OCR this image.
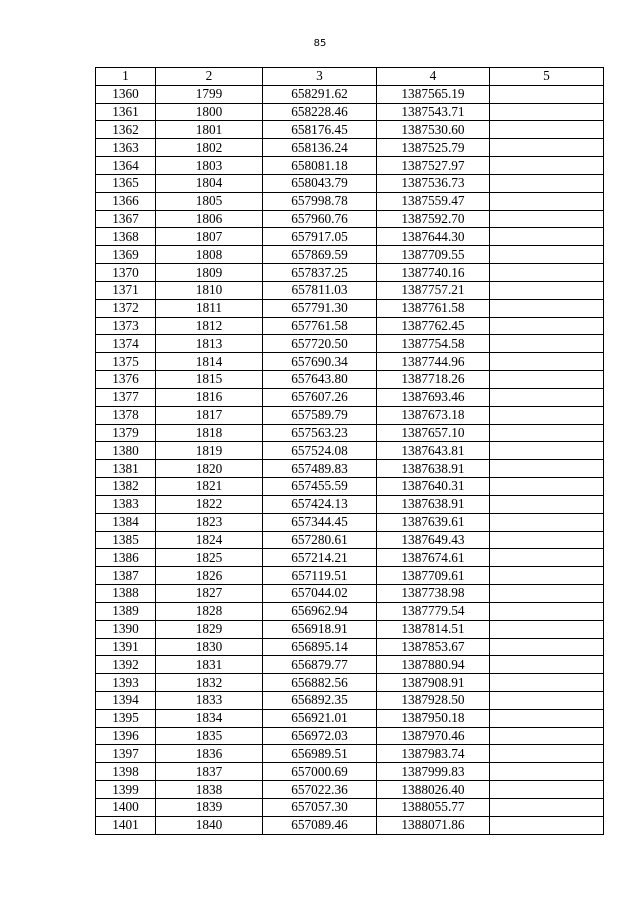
85
1	2	3	4	5
1360	1799	658291.62	1387565.19	
1361	1800	658228.46	1387543.71	
1362	1801	658176.45	1387530.60	
1363	1802	658136.24	1387525.79	
1364	1803	658081.18	1387527.97	
1365	1804	658043.79	1387536.73	
1366	1805	657998.78	1387559.47	
1367	1806	657960.76	1387592.70	
1368	1807	657917.05	1387644.30	
1369	1808	657869.59	1387709.55	
1370	1809	657837.25	1387740.16	
1371	1810	657811.03	1387757.21	
1372	1811	657791.30	1387761.58	
1373	1812	657761.58	1387762.45	
1374	1813	657720.50	1387754.58	
1375	1814	657690.34	1387744.96	
1376	1815	657643.80	1387718.26	
1377	1816	657607.26	1387693.46	
1378	1817	657589.79	1387673.18	
1379	1818	657563.23	1387657.10	
1380	1819	657524.08	1387643.81	
1381	1820	657489.83	1387638.91	
1382	1821	657455.59	1387640.31	
1383	1822	657424.13	1387638.91	
1384	1823	657344.45	1387639.61	
1385	1824	657280.61	1387649.43	
1386	1825	657214.21	1387674.61	
1387	1826	657119.51	1387709.61	
1388	1827	657044.02	1387738.98	
1389	1828	656962.94	1387779.54	
1390	1829	656918.91	1387814.51	
1391	1830	656895.14	1387853.67	
1392	1831	656879.77	1387880.94	
1393	1832	656882.56	1387908.91	
1394	1833	656892.35	1387928.50	
1395	1834	656921.01	1387950.18	
1396	1835	656972.03	1387970.46	
1397	1836	656989.51	1387983.74	
1398	1837	657000.69	1387999.83	
1399	1838	657022.36	1388026.40	
1400	1839	657057.30	1388055.77	
1401	1840	657089.46	1388071.86	
